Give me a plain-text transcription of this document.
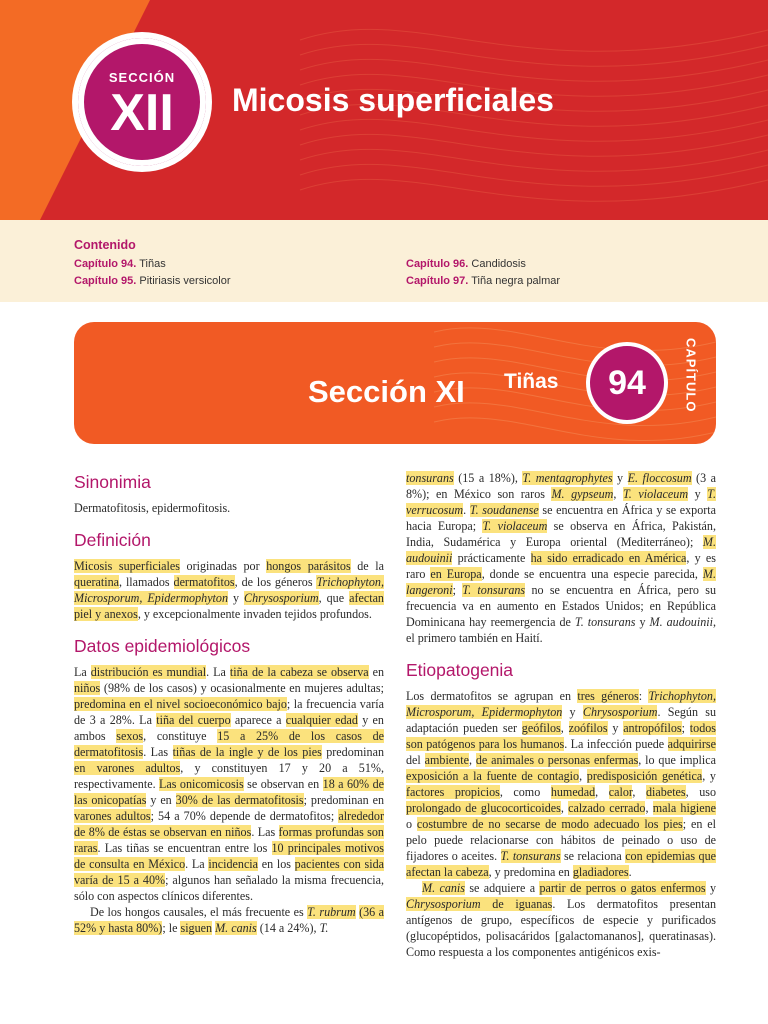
SECCIÓN
XII Micosis superficiales
Contenido
Capítulo 94. Tiñas
Capítulo 95. Pitiriasis versicolor
Capítulo 96. Candidosis
Capítulo 97. Tiña negra palmar
Sección XI Tiñas	94	CAPÍTULO
Sinonimia

Dermatofitosis, epidermofitosis.

Definición

Micosis superficiales originadas por hongos parásitos de la queratina, llamados dermatofitos, de los géneros Trichophyton, Microsporum, Epidermophyton y Chrysosporium, que afectan piel y anexos, y excepcionalmente invaden tejidos profundos.

Datos epidemiológicos

La distribución es mundial. La tiña de la cabeza se observa en niños (98% de los casos) y ocasionalmente en mujeres adultas; predomina en el nivel socioeconómico bajo; la frecuencia varía de 3 a 28%. La tiña del cuerpo aparece a cualquier edad y en ambos sexos, constituye 15 a 25% de los casos de dermatofitosis. Las tiñas de la ingle y de los pies predominan en varones adultos, y constituyen 17 y 20 a 51%, respectivamente. Las onicomicosis se observan en 18 a 60% de las onicopatías y en 30% de las dermatofitosis; predominan en varones adultos; 54 a 70% depende de dermatofitos; alrededor de 8% de éstas se observan en niños. Las formas profundas son raras. Las tiñas se encuentran entre los 10 principales motivos de consulta en México. La incidencia en los pacientes con sida varía de 15 a 40%; algunos han señalado la misma frecuencia, sólo con aspectos clínicos diferentes.

De los hongos causales, el más frecuente es T. rubrum (36 a 52% y hasta 80%); le siguen M. canis (14 a 24%), T.

tonsurans (15 a 18%), T. mentagrophytes y E. floccosum (3 a 8%); en México son raros M. gypseum, T. violaceum y T. verrucosum. T. soudanense se encuentra en África y se exporta hacia Europa; T. violaceum se observa en África, Pakistán, India, Sudamérica y Europa oriental (Mediterráneo); M. audouinii prácticamente ha sido erradicado en América, y es raro en Europa, donde se encuentra una especie parecida, M. langeroni; T. tonsurans no se encuentra en África, pero su frecuencia va en aumento en Estados Unidos; en República Dominicana hay reemergencia de T. tonsurans y M. audouinii, el primero también en Haití.

Etiopatogenia

Los dermatofitos se agrupan en tres géneros: Trichophyton, Microsporum, Epidermophyton y Chrysosporium. Según su adaptación pueden ser geófilos, zoófilos y antropófilos; todos son patógenos para los humanos. La infección puede adquirirse del ambiente, de animales o personas enfermas, lo que implica exposición a la fuente de contagio, predisposición genética, y factores propicios, como humedad, calor, diabetes, uso prolongado de glucocorticoides, calzado cerrado, mala higiene o costumbre de no secarse de modo adecuado los pies; en el pelo puede relacionarse con hábitos de peinado o uso de fijadores o aceites. T. tonsurans se relaciona con epidemias que afectan la cabeza, y predomina en gladiadores.

M. canis se adquiere a partir de perros o gatos enfermos y Chrysosporium de iguanas. Los dermatofitos presentan antígenos de grupo, específicos de especie y purificados (glucopéptidos, polisacáridos [galactomananos], queratinasas). Como respuesta a los componentes antigénicos exis-
